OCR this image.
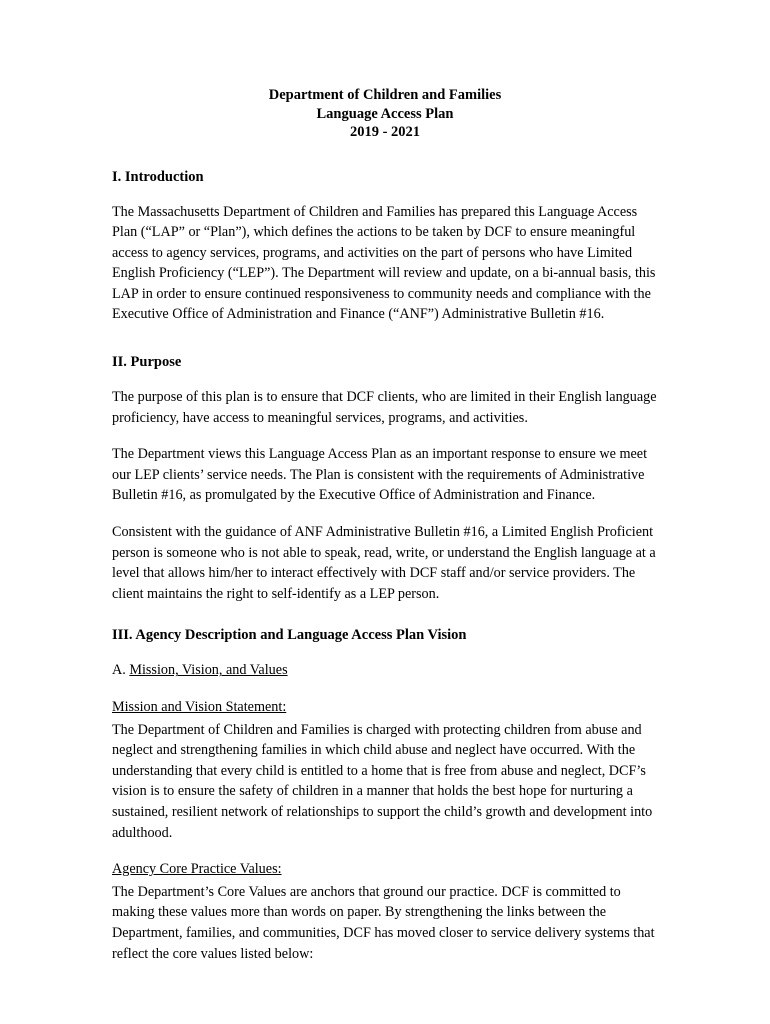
Department of Children and Families
Language Access Plan
2019 - 2021
I. Introduction

The Massachusetts Department of Children and Families has prepared this Language Access Plan (“LAP” or “Plan”), which defines the actions to be taken by DCF to ensure meaningful access to agency services, programs, and activities on the part of persons who have Limited English Proficiency (“LEP”). The Department will review and update, on a bi-annual basis, this LAP in order to ensure continued responsiveness to community needs and compliance with the Executive Office of Administration and Finance (“ANF”) Administrative Bulletin #16.

II. Purpose

The purpose of this plan is to ensure that DCF clients, who are limited in their English language proficiency, have access to meaningful services, programs, and activities.

The Department views this Language Access Plan as an important response to ensure we meet our LEP clients’ service needs. The Plan is consistent with the requirements of Administrative Bulletin #16, as promulgated by the Executive Office of Administration and Finance.

Consistent with the guidance of ANF Administrative Bulletin #16, a Limited English Proficient person is someone who is not able to speak, read, write, or understand the English language at a level that allows him/her to interact effectively with DCF staff and/or service providers. The client maintains the right to self-identify as a LEP person.

III. Agency Description and Language Access Plan Vision

A. Mission, Vision, and Values

Mission and Vision Statement:

The Department of Children and Families is charged with protecting children from abuse and neglect and strengthening families in which child abuse and neglect have occurred. With the understanding that every child is entitled to a home that is free from abuse and neglect, DCF’s vision is to ensure the safety of children in a manner that holds the best hope for nurturing a sustained, resilient network of relationships to support the child’s growth and development into adulthood.

Agency Core Practice Values:

The Department’s Core Values are anchors that ground our practice. DCF is committed to making these values more than words on paper. By strengthening the links between the Department, families, and communities, DCF has moved closer to service delivery systems that reflect the core values listed below:
